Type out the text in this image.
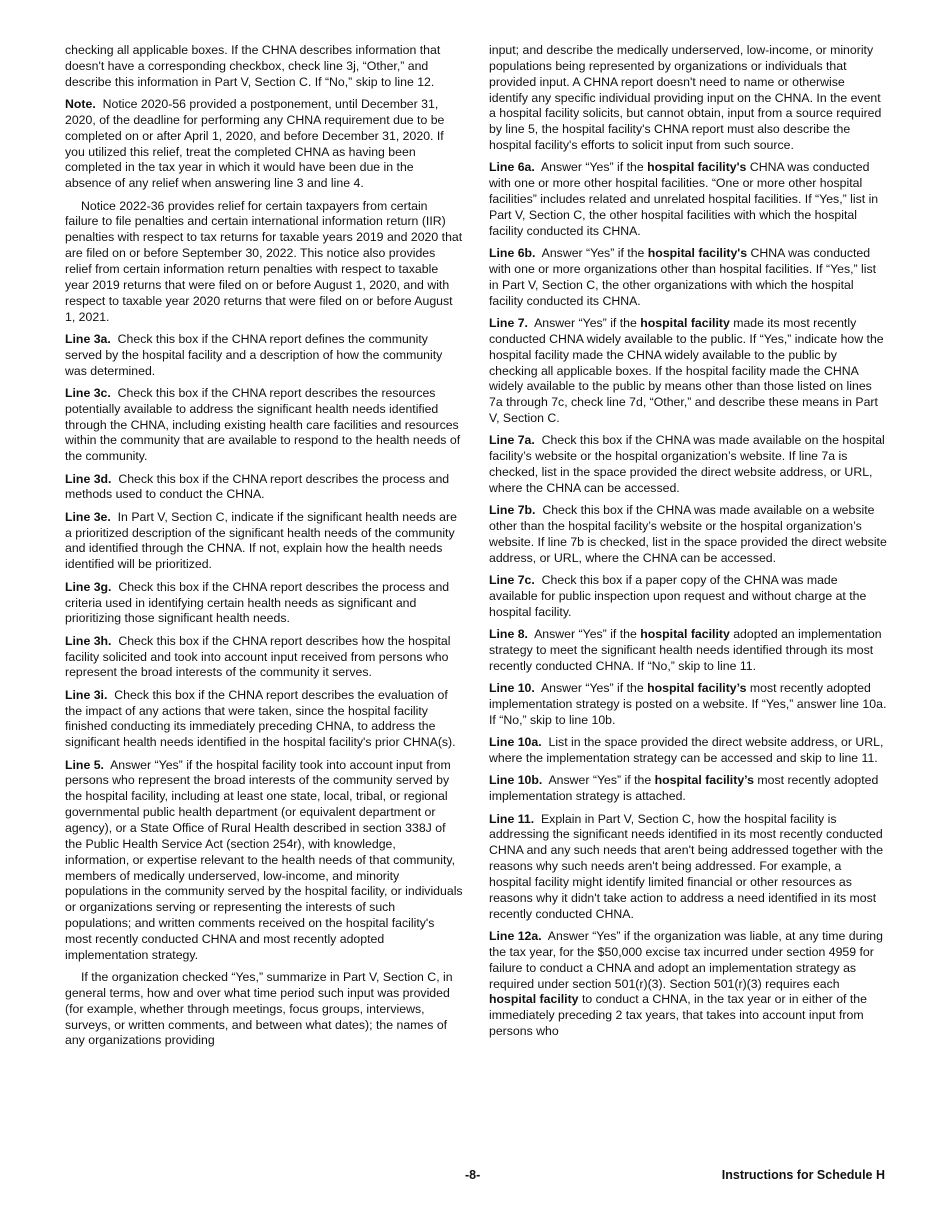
checking all applicable boxes. If the CHNA describes information that doesn't have a corresponding checkbox, check line 3j, “Other,” and describe this information in Part V, Section C. If “No,” skip to line 12.

Note. Notice 2020-56 provided a postponement, until December 31, 2020, of the deadline for performing any CHNA requirement due to be completed on or after April 1, 2020, and before December 31, 2020. If you utilized this relief, treat the completed CHNA as having been completed in the tax year in which it would have been due in the absence of any relief when answering line 3 and line 4.

Notice 2022-36 provides relief for certain taxpayers from certain failure to file penalties and certain international information return (IIR) penalties with respect to tax returns for taxable years 2019 and 2020 that are filed on or before September 30, 2022. This notice also provides relief from certain information return penalties with respect to taxable year 2019 returns that were filed on or before August 1, 2020, and with respect to taxable year 2020 returns that were filed on or before August 1, 2021.

Line 3a. Check this box if the CHNA report defines the community served by the hospital facility and a description of how the community was determined.

Line 3c. Check this box if the CHNA report describes the resources potentially available to address the significant health needs identified through the CHNA, including existing health care facilities and resources within the community that are available to respond to the health needs of the community.

Line 3d. Check this box if the CHNA report describes the process and methods used to conduct the CHNA.

Line 3e. In Part V, Section C, indicate if the significant health needs are a prioritized description of the significant health needs of the community and identified through the CHNA. If not, explain how the health needs identified will be prioritized.

Line 3g. Check this box if the CHNA report describes the process and criteria used in identifying certain health needs as significant and prioritizing those significant health needs.

Line 3h. Check this box if the CHNA report describes how the hospital facility solicited and took into account input received from persons who represent the broad interests of the community it serves.

Line 3i. Check this box if the CHNA report describes the evaluation of the impact of any actions that were taken, since the hospital facility finished conducting its immediately preceding CHNA, to address the significant health needs identified in the hospital facility's prior CHNA(s).

Line 5. Answer “Yes” if the hospital facility took into account input from persons who represent the broad interests of the community served by the hospital facility, including at least one state, local, tribal, or regional governmental public health department (or equivalent department or agency), or a State Office of Rural Health described in section 338J of the Public Health Service Act (section 254r), with knowledge, information, or expertise relevant to the health needs of that community, members of medically underserved, low-income, and minority populations in the community served by the hospital facility, or individuals or organizations serving or representing the interests of such populations; and written comments received on the hospital facility's most recently conducted CHNA and most recently adopted implementation strategy.

If the organization checked “Yes,” summarize in Part V, Section C, in general terms, how and over what time period such input was provided (for example, whether through meetings, focus groups, interviews, surveys, or written comments, and between what dates); the names of any organizations providing

input; and describe the medically underserved, low-income, or minority populations being represented by organizations or individuals that provided input. A CHNA report doesn't need to name or otherwise identify any specific individual providing input on the CHNA. In the event a hospital facility solicits, but cannot obtain, input from a source required by line 5, the hospital facility's CHNA report must also describe the hospital facility's efforts to solicit input from such source.

Line 6a. Answer “Yes” if the hospital facility's CHNA was conducted with one or more other hospital facilities. “One or more other hospital facilities” includes related and unrelated hospital facilities. If “Yes,” list in Part V, Section C, the other hospital facilities with which the hospital facility conducted its CHNA.

Line 6b. Answer “Yes” if the hospital facility's CHNA was conducted with one or more organizations other than hospital facilities. If “Yes,” list in Part V, Section C, the other organizations with which the hospital facility conducted its CHNA.

Line 7. Answer “Yes” if the hospital facility made its most recently conducted CHNA widely available to the public. If “Yes,” indicate how the hospital facility made the CHNA widely available to the public by checking all applicable boxes. If the hospital facility made the CHNA widely available to the public by means other than those listed on lines 7a through 7c, check line 7d, “Other,” and describe these means in Part V, Section C.

Line 7a. Check this box if the CHNA was made available on the hospital facility’s website or the hospital organization’s website. If line 7a is checked, list in the space provided the direct website address, or URL, where the CHNA can be accessed.

Line 7b. Check this box if the CHNA was made available on a website other than the hospital facility’s website or the hospital organization’s website. If line 7b is checked, list in the space provided the direct website address, or URL, where the CHNA can be accessed.

Line 7c. Check this box if a paper copy of the CHNA was made available for public inspection upon request and without charge at the hospital facility.

Line 8. Answer “Yes” if the hospital facility adopted an implementation strategy to meet the significant health needs identified through its most recently conducted CHNA. If “No,” skip to line 11.

Line 10. Answer “Yes” if the hospital facility’s most recently adopted implementation strategy is posted on a website. If “Yes,” answer line 10a. If “No,” skip to line 10b.

Line 10a. List in the space provided the direct website address, or URL, where the implementation strategy can be accessed and skip to line 11.

Line 10b. Answer “Yes” if the hospital facility’s most recently adopted implementation strategy is attached.

Line 11. Explain in Part V, Section C, how the hospital facility is addressing the significant needs identified in its most recently conducted CHNA and any such needs that aren't being addressed together with the reasons why such needs aren't being addressed. For example, a hospital facility might identify limited financial or other resources as reasons why it didn't take action to address a need identified in its most recently conducted CHNA.

Line 12a. Answer “Yes” if the organization was liable, at any time during the tax year, for the $50,000 excise tax incurred under section 4959 for failure to conduct a CHNA and adopt an implementation strategy as required under section 501(r)(3). Section 501(r)(3) requires each hospital facility to conduct a CHNA, in the tax year or in either of the immediately preceding 2 tax years, that takes into account input from persons who

-8-	Instructions for Schedule H
